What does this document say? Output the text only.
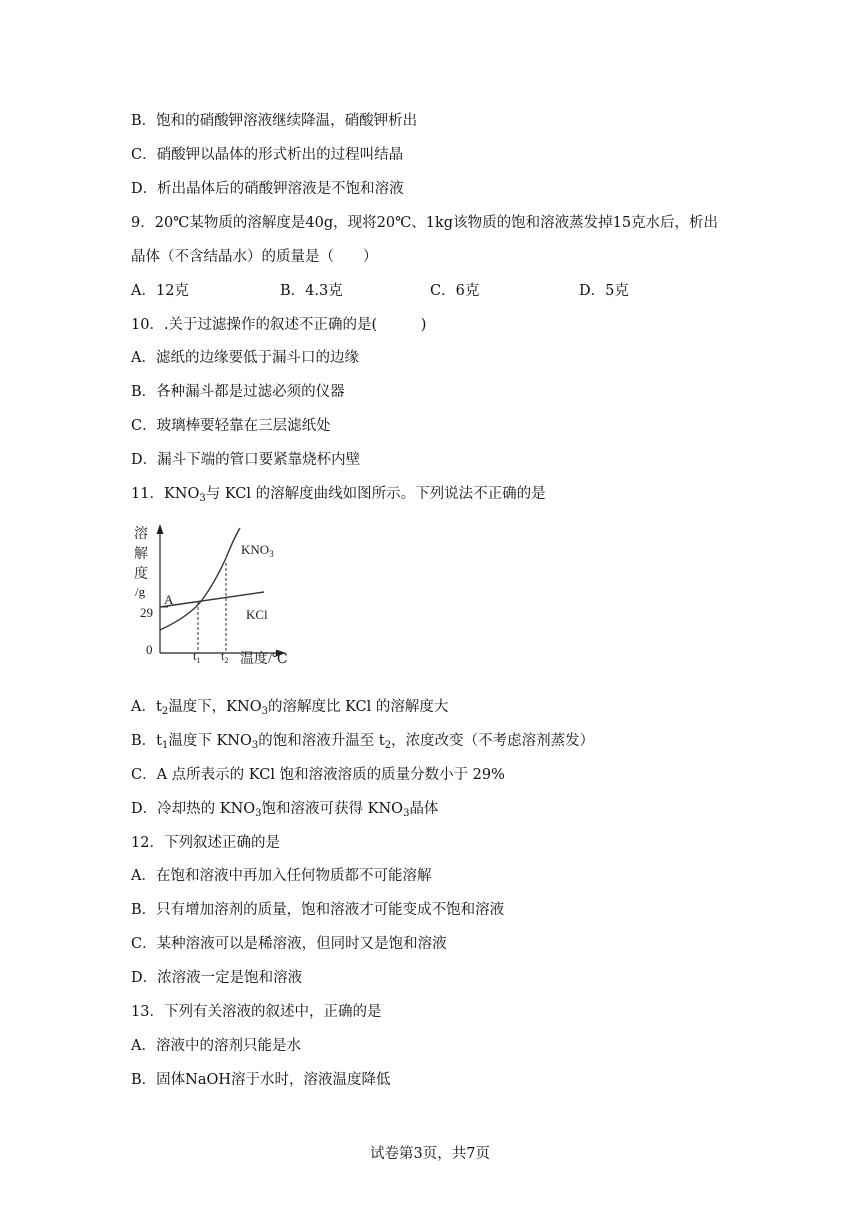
B．饱和的硝酸钾溶液继续降温，硝酸钾析出
C．硝酸钾以晶体的形式析出的过程叫结晶
D．析出晶体后的硝酸钾溶液是不饱和溶液
9．20℃某物质的溶解度是40g，现将20℃、1kg该物质的饱和溶液蒸发掉15克水后，析出
晶体（不含结晶水）的质量是（　　）
A．12克	B．4.3克	C．6克	D．5克
10．.关于过滤操作的叙述不正确的是(　　　)
A．滤纸的边缘要低于漏斗口的边缘
B．各种漏斗都是过滤必须的仪器
C．玻璃棒要轻靠在三层滤纸处
D．漏斗下端的管口要紧靠烧杯内壁
11．$KNO_3$与 KCl 的溶解度曲线如图所示。下列说法不正确的是
溶
解
度
/g
29
0
A
$KNO_3$
KCl
$t_1$ $t_2$ 温度/℃
A．$t_2$温度下，$KNO_3$的溶解度比 KCl 的溶解度大
B．$t_1$温度下 $KNO_3$的饱和溶液升温至 $t_2$，浓度改变（不考虑溶剂蒸发）
C．A 点所表示的 KCl 饱和溶液溶质的质量分数小于 29%
D．冷却热的 $KNO_3$饱和溶液可获得 $KNO_3$晶体
12．下列叙述正确的是
A．在饱和溶液中再加入任何物质都不可能溶解
B．只有增加溶剂的质量，饱和溶液才可能变成不饱和溶液
C．某种溶液可以是稀溶液，但同时又是饱和溶液
D．浓溶液一定是饱和溶液
13．下列有关溶液的叙述中，正确的是
A．溶液中的溶剂只能是水
B．固体NaOH溶于水时，溶液温度降低
试卷第3页，共7页
